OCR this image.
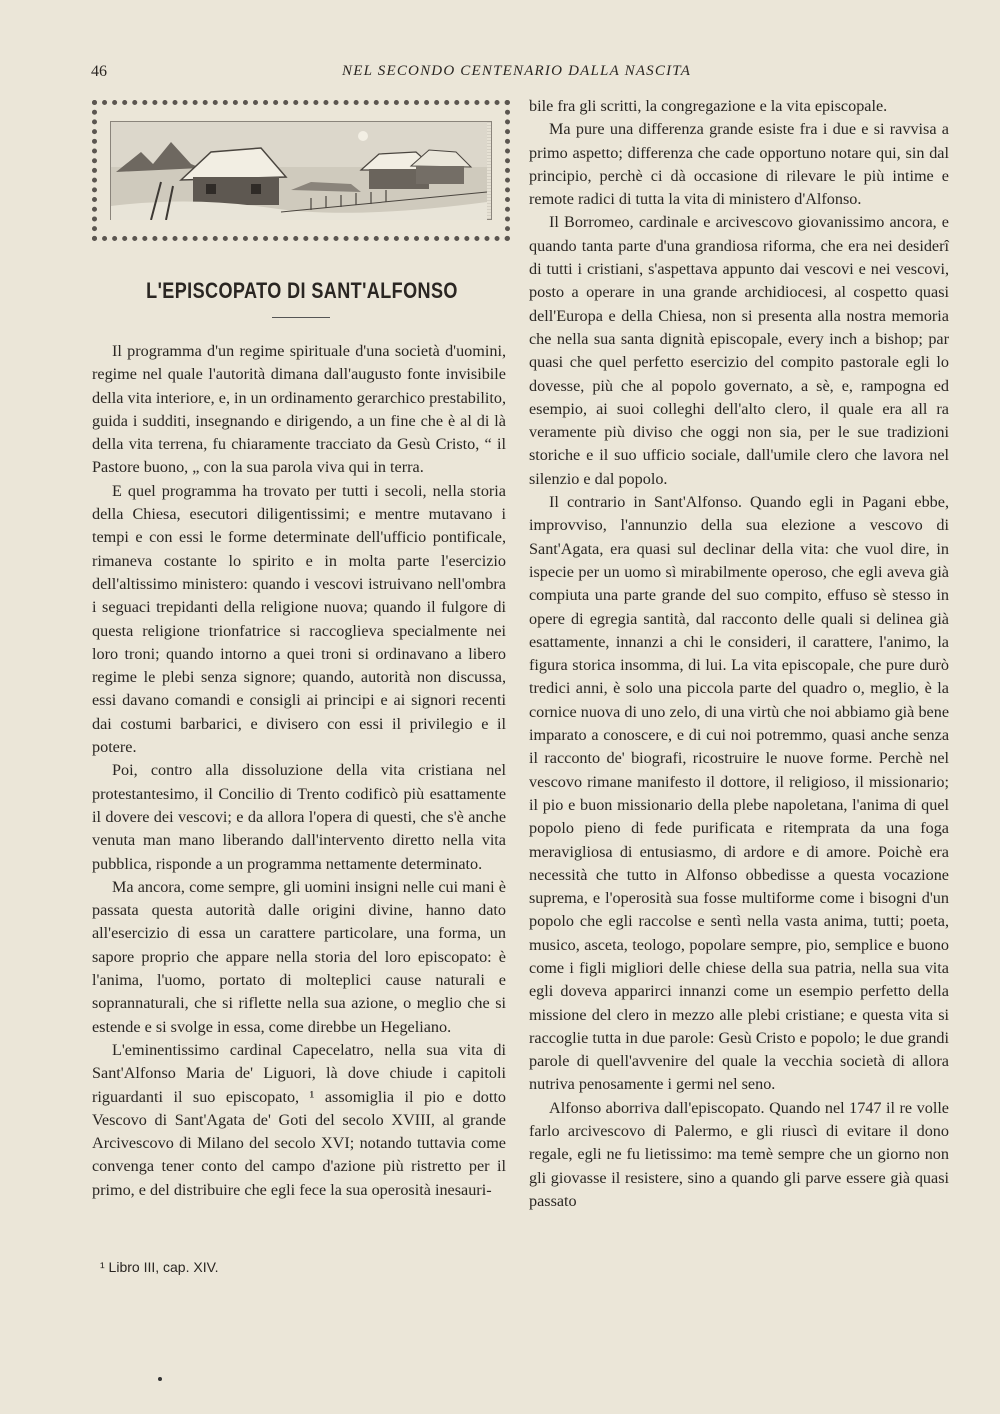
46	NEL SECONDO CENTENARIO DALLA NASCITA
L'EPISCOPATO DI SANT'ALFONSO

Il programma d'un regime spirituale d'una società d'uomini, regime nel quale l'autorità dimana dall'augusto fonte invisibile della vita interiore, e, in un ordinamento gerarchico prestabilito, guida i sudditi, insegnando e dirigendo, a un fine che è al di là della vita terrena, fu chiaramente tracciato da Gesù Cristo, “ il Pastore buono, „ con la sua parola viva qui in terra.

E quel programma ha trovato per tutti i secoli, nella storia della Chiesa, esecutori diligentissimi; e mentre mutavano i tempi e con essi le forme determinate dell'ufficio pontificale, rimaneva costante lo spirito e in molta parte l'esercizio dell'altissimo ministero: quando i vescovi istruivano nell'ombra i seguaci trepidanti della religione nuova; quando il fulgore di questa religione trionfatrice si raccoglieva specialmente nei loro troni; quando intorno a quei troni si ordinavano a libero regime le plebi senza signore; quando, autorità non discussa, essi davano comandi e consigli ai principi e ai signori recenti dai costumi barbarici, e divisero con essi il privilegio e il potere.

Poi, contro alla dissoluzione della vita cristiana nel protestantesimo, il Concilio di Trento codificò più esattamente il dovere dei vescovi; e da allora l'opera di questi, che s'è anche venuta man mano liberando dall'intervento diretto nella vita pubblica, risponde a un programma nettamente determinato.

Ma ancora, come sempre, gli uomini insigni nelle cui mani è passata questa autorità dalle origini divine, hanno dato all'esercizio di essa un carattere particolare, una forma, un sapore proprio che appare nella storia del loro episcopato: è l'anima, l'uomo, portato di molteplici cause naturali e soprannaturali, che si riflette nella sua azione, o meglio che si estende e si svolge in essa, come direbbe un Hegeliano.

L'eminentissimo cardinal Capecelatro, nella sua vita di Sant'Alfonso Maria de' Liguori, là dove chiude i capitoli riguardanti il suo episcopato, ¹ assomiglia il pio e dotto Vescovo di Sant'Agata de' Goti del secolo XVIII, al grande Arcivescovo di Milano del secolo XVI; notando tuttavia come convenga tener conto del campo d'azione più ristretto per il primo, e del distribuire che egli fece la sua operosità inesauri-

bile fra gli scritti, la congregazione e la vita episcopale.

Ma pure una differenza grande esiste fra i due e si ravvisa a primo aspetto; differenza che cade opportuno notare qui, sin dal principio, perchè ci dà occasione di rilevare le più intime e remote radici di tutta la vita di ministero d'Alfonso.

Il Borromeo, cardinale e arcivescovo giovanissimo ancora, e quando tanta parte d'una grandiosa riforma, che era nei desiderî di tutti i cristiani, s'aspettava appunto dai vescovi e nei vescovi, posto a operare in una grande archidiocesi, al cospetto quasi dell'Europa e della Chiesa, non si presenta alla nostra memoria che nella sua santa dignità episcopale, every inch a bishop; par quasi che quel perfetto esercizio del compito pastorale egli lo dovesse, più che al popolo governato, a sè, e, rampogna ed esempio, ai suoi colleghi dell'alto clero, il quale era all ra veramente più diviso che oggi non sia, per le sue tradizioni storiche e il suo ufficio sociale, dall'umile clero che lavora nel silenzio e dal popolo.

Il contrario in Sant'Alfonso. Quando egli in Pagani ebbe, improvviso, l'annunzio della sua elezione a vescovo di Sant'Agata, era quasi sul declinar della vita: che vuol dire, in ispecie per un uomo sì mirabilmente operoso, che egli aveva già compiuta una parte grande del suo compito, effuso sè stesso in opere di egregia santità, dal racconto delle quali si delinea già esattamente, innanzi a chi le consideri, il carattere, l'animo, la figura storica insomma, di lui. La vita episcopale, che pure durò tredici anni, è solo una piccola parte del quadro o, meglio, è la cornice nuova di uno zelo, di una virtù che noi abbiamo già bene imparato a conoscere, e di cui noi potremmo, quasi anche senza il racconto de' biografi, ricostruire le nuove forme. Perchè nel vescovo rimane manifesto il dottore, il religioso, il missionario; il pio e buon missionario della plebe napoletana, l'anima di quel popolo pieno di fede purificata e ritemprata da una foga meravigliosa di entusiasmo, di ardore e di amore. Poichè era necessità che tutto in Alfonso obbedisse a questa vocazione suprema, e l'operosità sua fosse multiforme come i bisogni d'un popolo che egli raccolse e sentì nella vasta anima, tutti; poeta, musico, asceta, teologo, popolare sempre, pio, semplice e buono come i figli migliori delle chiese della sua patria, nella sua vita egli doveva apparirci innanzi come un esempio perfetto della missione del clero in mezzo alle plebi cristiane; e questa vita si raccoglie tutta in due parole: Gesù Cristo e popolo; le due grandi parole di quell'avvenire del quale la vecchia società di allora nutriva penosamente i germi nel seno.

Alfonso aborriva dall'episcopato. Quando nel 1747 il re volle farlo arcivescovo di Palermo, e gli riuscì di evitare il dono regale, egli ne fu lietissimo: ma temè sempre che un giorno non gli giovasse il resistere, sino a quando gli parve essere già quasi passato

¹ Libro III, cap. XIV.
